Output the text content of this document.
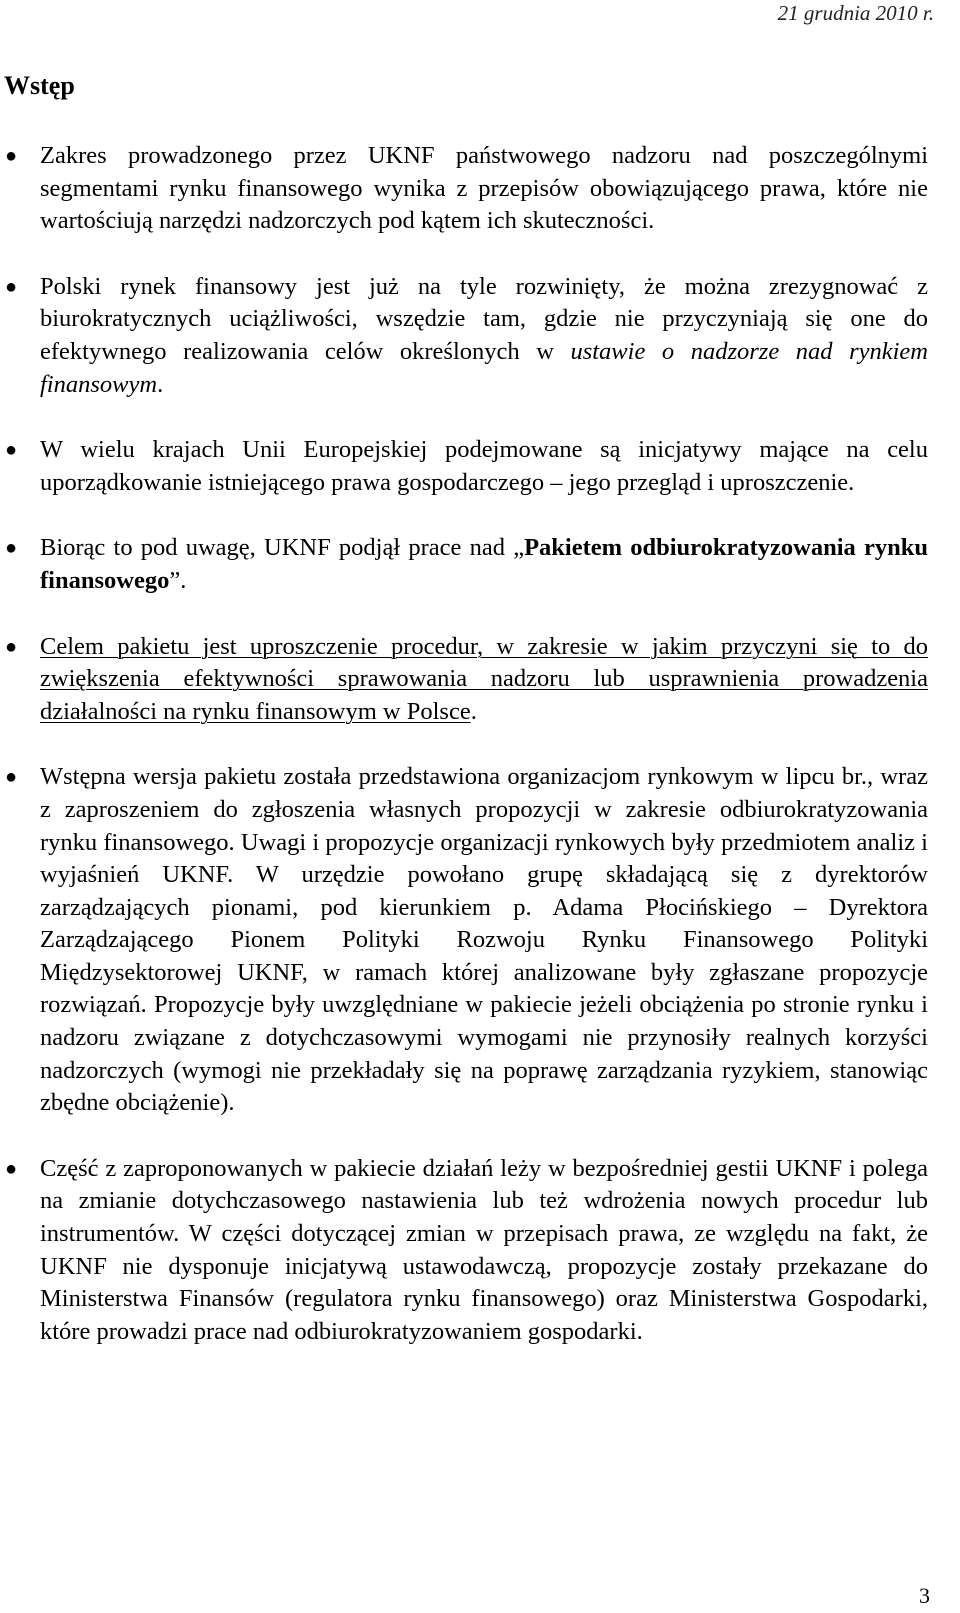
21 grudnia 2010 r.
Wstęp
● Zakres prowadzonego przez UKNF państwowego nadzoru nad poszczególnymi segmentami rynku finansowego wynika z przepisów obowiązującego prawa, które nie wartościują narzędzi nadzorczych pod kątem ich skuteczności.
● Polski rynek finansowy jest już na tyle rozwinięty, że można zrezygnować z biurokratycznych uciążliwości, wszędzie tam, gdzie nie przyczyniają się one do efektywnego realizowania celów określonych w ustawie o nadzorze nad rynkiem finansowym.
● W wielu krajach Unii Europejskiej podejmowane są inicjatywy mające na celu uporządkowanie istniejącego prawa gospodarczego – jego przegląd i uproszczenie.
● Biorąc to pod uwagę, UKNF podjął prace nad „Pakietem odbiurokratyzowania rynku finansowego”.
● Celem pakietu jest uproszczenie procedur, w zakresie w jakim przyczyni się to do zwiększenia efektywności sprawowania nadzoru lub usprawnienia prowadzenia działalności na rynku finansowym w Polsce.
● Wstępna wersja pakietu została przedstawiona organizacjom rynkowym w lipcu br., wraz z zaproszeniem do zgłoszenia własnych propozycji w zakresie odbiurokratyzowania rynku finansowego. Uwagi i propozycje organizacji rynkowych były przedmiotem analiz i wyjaśnień UKNF. W urzędzie powołano grupę składającą się z dyrektorów zarządzających pionami, pod kierunkiem p. Adama Płocińskiego – Dyrektora Zarządzającego Pionem Polityki Rozwoju Rynku Finansowego Polityki Międzysektorowej UKNF, w ramach której analizowane były zgłaszane propozycje rozwiązań. Propozycje były uwzględniane w pakiecie jeżeli obciążenia po stronie rynku i nadzoru związane z dotychczasowymi wymogami nie przynosiły realnych korzyści nadzorczych (wymogi nie przekładały się na poprawę zarządzania ryzykiem, stanowiąc zbędne obciążenie).
● Część z zaproponowanych w pakiecie działań leży w bezpośredniej gestii UKNF i polega na zmianie dotychczasowego nastawienia lub też wdrożenia nowych procedur lub instrumentów. W części dotyczącej zmian w przepisach prawa, ze względu na fakt, że UKNF nie dysponuje inicjatywą ustawodawczą, propozycje zostały przekazane do Ministerstwa Finansów (regulatora rynku finansowego) oraz Ministerstwa Gospodarki, które prowadzi prace nad odbiurokratyzowaniem gospodarki.
3
